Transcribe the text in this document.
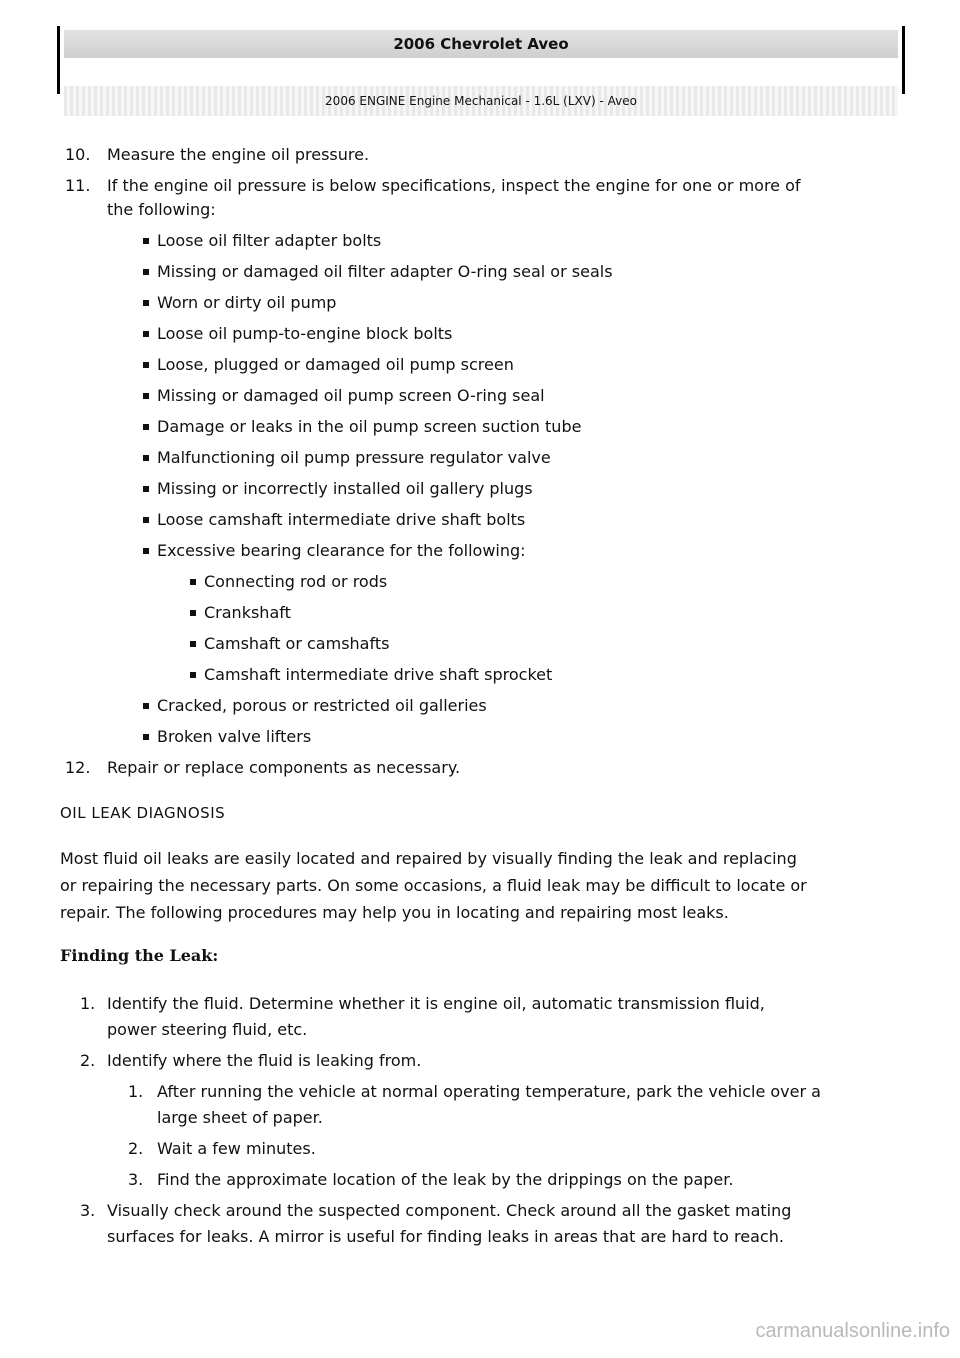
2006 Chevrolet Aveo
2006 ENGINE Engine Mechanical - 1.6L (LXV) - Aveo
10. Measure the engine oil pressure.
11. If the engine oil pressure is below specifications, inspect the engine for one or more of
the following:
Loose oil filter adapter bolts
Missing or damaged oil filter adapter O-ring seal or seals
Worn or dirty oil pump
Loose oil pump-to-engine block bolts
Loose, plugged or damaged oil pump screen
Missing or damaged oil pump screen O-ring seal
Damage or leaks in the oil pump screen suction tube
Malfunctioning oil pump pressure regulator valve
Missing or incorrectly installed oil gallery plugs
Loose camshaft intermediate drive shaft bolts
Excessive bearing clearance for the following:
Connecting rod or rods
Crankshaft
Camshaft or camshafts
Camshaft intermediate drive shaft sprocket
Cracked, porous or restricted oil galleries
Broken valve lifters
12. Repair or replace components as necessary.
OIL LEAK DIAGNOSIS
Most fluid oil leaks are easily located and repaired by visually finding the leak and replacing
or repairing the necessary parts. On some occasions, a fluid leak may be difficult to locate or
repair. The following procedures may help you in locating and repairing most leaks.
Finding the Leak:
1. Identify the fluid. Determine whether it is engine oil, automatic transmission fluid,
power steering fluid, etc.
2. Identify where the fluid is leaking from.
1. After running the vehicle at normal operating temperature, park the vehicle over a
large sheet of paper.
2. Wait a few minutes.
3. Find the approximate location of the leak by the drippings on the paper.
3. Visually check around the suspected component. Check around all the gasket mating
surfaces for leaks. A mirror is useful for finding leaks in areas that are hard to reach.
carmanualsonline.info
